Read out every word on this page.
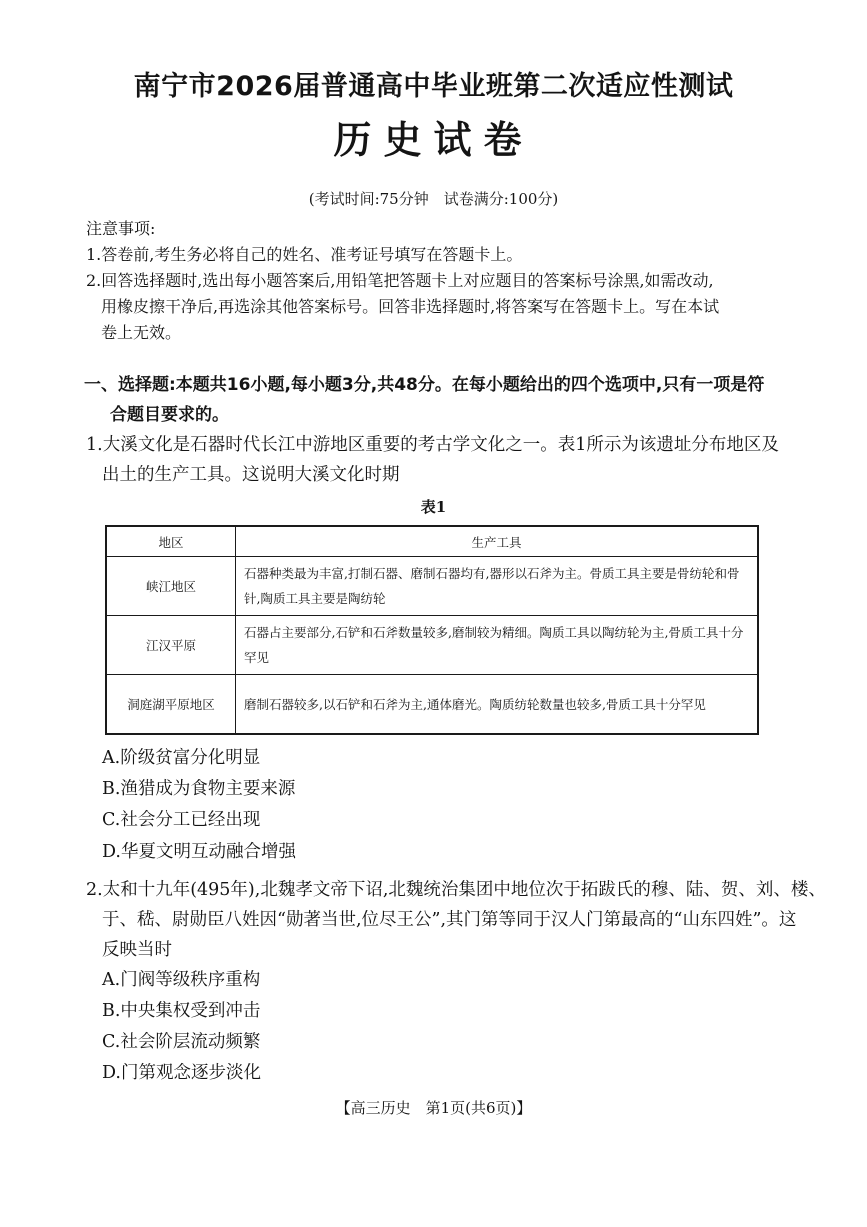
南宁市2026届普通高中毕业班第二次适应性测试
历史试卷
(考试时间:75分钟　试卷满分:100分)
注意事项:
1.答卷前,考生务必将自己的姓名、准考证号填写在答题卡上。
2.回答选择题时,选出每小题答案后,用铅笔把答题卡上对应题目的答案标号涂黑,如需改动,
用橡皮擦干净后,再选涂其他答案标号。回答非选择题时,将答案写在答题卡上。写在本试
卷上无效。
一、选择题:本题共16小题,每小题3分,共48分。在每小题给出的四个选项中,只有一项是符
合题目要求的。
1.大溪文化是石器时代长江中游地区重要的考古学文化之一。表1所示为该遗址分布地区及
出土的生产工具。这说明大溪文化时期
表1
地区	生产工具
峡江地区	石器种类最为丰富,打制石器、磨制石器均有,器形以石斧为主。骨质工具主要是骨纺轮和骨针,陶质工具主要是陶纺轮
江汉平原	石器占主要部分,石铲和石斧数量较多,磨制较为精细。陶质工具以陶纺轮为主,骨质工具十分罕见
洞庭湖平原地区	磨制石器较多,以石铲和石斧为主,通体磨光。陶质纺轮数量也较多,骨质工具十分罕见
A.阶级贫富分化明显
B.渔猎成为食物主要来源
C.社会分工已经出现
D.华夏文明互动融合增强
2.太和十九年(495年),北魏孝文帝下诏,北魏统治集团中地位次于拓跋氏的穆、陆、贺、刘、楼、
于、嵇、尉勋臣八姓因“勋著当世,位尽王公”,其门第等同于汉人门第最高的“山东四姓”。这
反映当时
A.门阀等级秩序重构
B.中央集权受到冲击
C.社会阶层流动频繁
D.门第观念逐步淡化
【高三历史　第1页(共6页)】
